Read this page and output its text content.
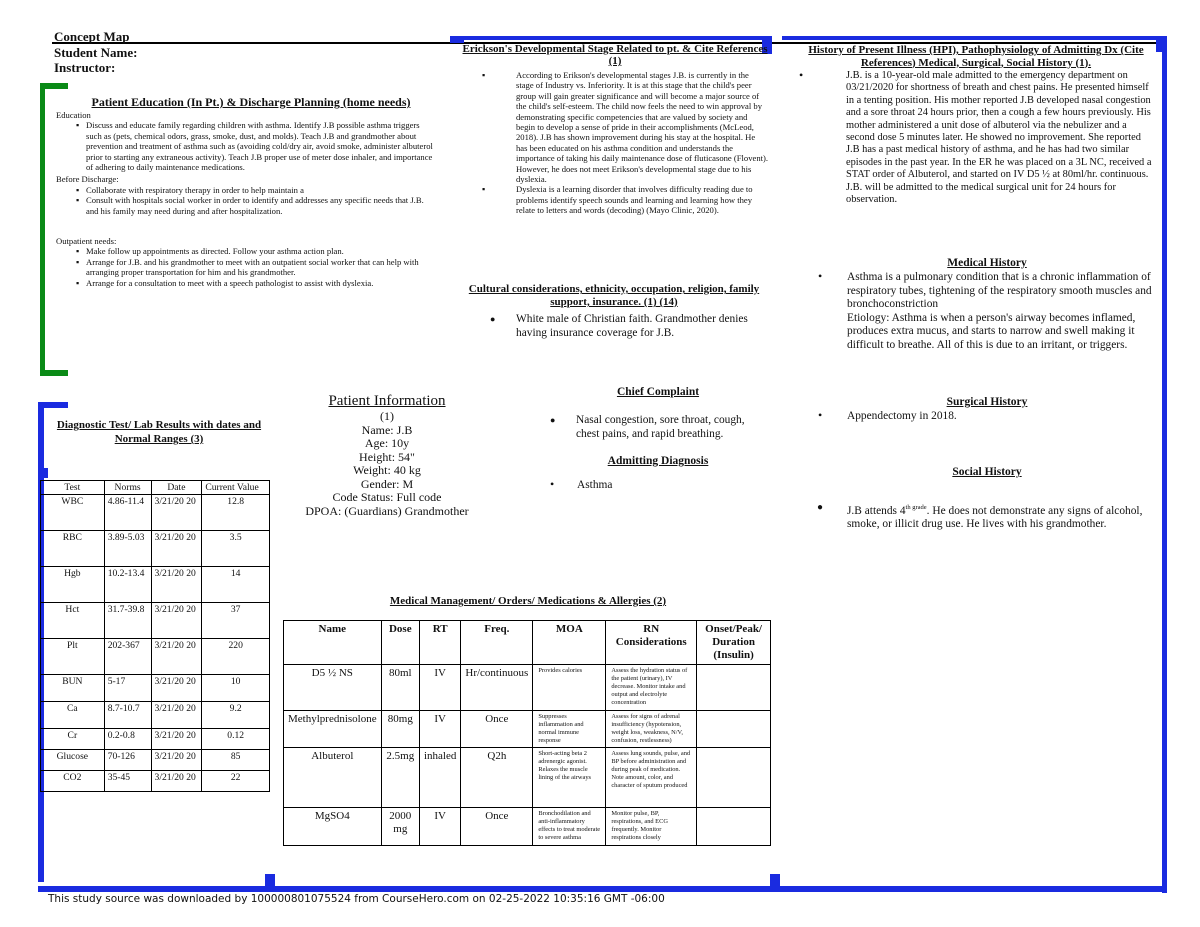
Concept Map
Student Name:
Instructor:
Patient Education (In Pt.) & Discharge Planning (home needs)
Education
▪ Discuss and educate family regarding children with asthma. Identify J.B possible asthma triggers such as (pets, chemical odors, grass, smoke, dust, and molds). Teach J.B and grandmother about prevention and treatment of asthma such as (avoiding cold/dry air, avoid smoke, administer albuterol prior to starting any extraneous activity). Teach J.B proper use of meter dose inhaler, and importance of adhering to daily maintenance medications.
Before Discharge:
▪ Collaborate with respiratory therapy in order to help maintain a
▪ Consult with hospitals social worker in order to identify and addresses any specific needs that J.B. and his family may need during and after hospitalization.
Outpatient needs:
▪ Make follow up appointments as directed. Follow your asthma action plan.
▪ Arrange for J.B. and his grandmother to meet with an outpatient social worker that can help with arranging proper transportation for him and his grandmother.
▪ Arrange for a consultation to meet with a speech pathologist to assist with dyslexia.
Erickson's Developmental Stage Related to pt. & Cite References (1)
▪ According to Erikson's developmental stages J.B. is currently in the stage of Industry vs. Inferiority. It is at this stage that the child's peer group will gain greater significance and will become a major source of the child's self-esteem. The child now feels the need to win approval by demonstrating specific competencies that are valued by society and begin to develop a sense of pride in their accomplishments (McLeod, 2018). J.B has shown improvement during his stay at the hospital. He has been educated on his asthma condition and understands the importance of taking his daily maintenance dose of fluticasone (Flovent). However, he does not meet Erikson's developmental stage due to his dyslexia.
▪ Dyslexia is a learning disorder that involves difficulty reading due to problems identify speech sounds and learning and learning how they relate to letters and words (decoding) (Mayo Clinic, 2020).
Cultural considerations, ethnicity, occupation, religion, family support, insurance. (1) (14)
● White male of Christian faith. Grandmother denies having insurance coverage for J.B.
History of Present Illness (HPI), Pathophysiology of Admitting Dx (Cite References) Medical, Surgical, Social History (1).
• J.B. is a 10-year-old male admitted to the emergency department on 03/21/2020 for shortness of breath and chest pains. He presented himself in a tenting position. His mother reported J.B developed nasal congestion and a sore throat 24 hours prior, then a cough a few hours previously. His mother administered a unit dose of albuterol via the nebulizer and a second dose 5 minutes later. He showed no improvement. She reported J.B has a past medical history of asthma, and he has had two similar episodes in the past year. In the ER he was placed on a 3L NC, received a STAT order of Albuterol, and started on IV D5 ½ at 80ml/hr. continuous. J.B. will be admitted to the medical surgical unit for 24 hours for observation.
Medical History
• Asthma is a pulmonary condition that is a chronic inflammation of respiratory tubes, tightening of the respiratory smooth muscles and bronchoconstriction

Etiology: Asthma is when a person's airway becomes inflamed, produces extra mucus, and starts to narrow and swell making it difficult to breathe. All of this is due to an irritant, or triggers.

Surgical History
• Appendectomy in 2018.
Social History
● J.B attends $4^{th grade}$. He does not demonstrate any signs of alcohol, smoke, or illicit drug use. He lives with his grandmother.
Diagnostic Test/ Lab Results with dates and Normal Ranges (3)
Test	Norms	Date	Current Value
WBC	4.86-11.4	3/21/20 20	12.8
RBC	3.89-5.03	3/21/20 20	3.5
Hgb	10.2-13.4	3/21/20 20	14
Hct	31.7-39.8	3/21/20 20	37
Plt	202-367	3/21/20 20	220
BUN	5-17	3/21/20 20	10
Ca	8.7-10.7	3/21/20 20	9.2
Cr	0.2-0.8	3/21/20 20	0.12
Glucose	70-126	3/21/20 20	85
CO2	35-45	3/21/20 20	22
Patient Information
(1)
Name: J.B
Age: 10y
Height: 54"
Weight: 40 kg
Gender: M
Code Status: Full code
DPOA: (Guardians) Grandmother
Chief Complaint
● Nasal congestion, sore throat, cough, chest pains, and rapid breathing.
Admitting Diagnosis
• Asthma
Medical Management/ Orders/ Medications & Allergies (2)
Name	Dose	RT	Freq.	MOA	RN Considerations	Onset/Peak/ Duration (Insulin)
D5 ½ NS	80ml	IV	Hr/continuous	Provides calories	Assess the hydration status of the patient (urinary), IV decrease. Monitor intake and output and electrolyte concentration	
Methylprednisolone	80mg	IV	Once	Suppresses inflammation and normal immune response	Assess for signs of adrenal insufficiency (hypotension, weight loss, weakness, N/V, confusion, restlessness)	
Albuterol	2.5mg	inhaled	Q2h	Short-acting beta 2 adrenergic agonist. Relaxes the muscle lining of the airways	Assess lung sounds, pulse, and BP before administration and during peak of medication. Note amount, color, and character of sputum produced	
MgSO4	2000 mg	IV	Once	Bronchodilation and anti-inflammatory effects to treat moderate to severe asthma	Monitor pulse, BP, respirations, and ECG frequently. Monitor respirations closely	
This study source was downloaded by 100000801075524 from CourseHero.com on 02-25-2022 10:35:16 GMT -06:00
